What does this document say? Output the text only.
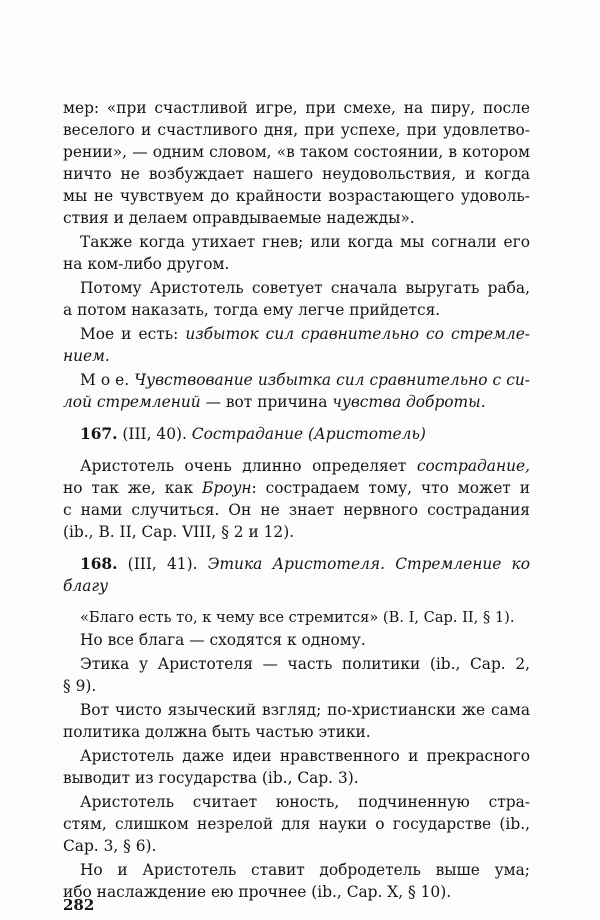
мер: «при счастливой игре, при смехе, на пиру, после
веселого и счастливого дня, при успехе, при удовлетво-
рении», — одним словом, «в таком состоянии, в котором
ничто не возбуждает нашего неудовольствия, и когда
мы не чувствуем до крайности возрастающего удоволь-
ствия и делаем оправдываемые надежды».
Также когда утихает гнев; или когда мы согнали его
на ком-либо другом.
Потому Аристотель советует сначала выругать раба,
а потом наказать, тогда ему легче прийдется.
Мое и есть: избыток сил сравнительно со стремле-
нием.
М о е. Чувствование избытка сил сравнительно с си-
лой стремлений — вот причина чувства доброты.
167. (III, 40). Сострадание (Аристотель)
Аристотель очень длинно определяет сострадание,
но так же, как Броун: сострадаем тому, что может и
с нами случиться. Он не знает нервного сострадания
(ib., В. II, Cap. VIII, § 2 и 12).
168. (III, 41). Этика Аристотеля. Стремление ко
благу
«Благо есть то, к чему все стремится» (В. I, Cap. II, § 1).
Но все блага — сходятся к одному.
Этика у Аристотеля — часть политики (ib., Cap. 2,
§ 9).
Вот чисто языческий взгляд; по-христиански же сама
политика должна быть частью этики.
Аристотель даже идеи нравственного и прекрасного
выводит из государства (ib., Cap. 3).
Аристотель считает юность, подчиненную стра-
стям, слишком незрелой для науки о государстве (ib.,
Cap. 3, § 6).
Но и Аристотель ставит добродетель выше ума;
ибо наслаждение ею прочнее (ib., Cap. X, § 10).
282
